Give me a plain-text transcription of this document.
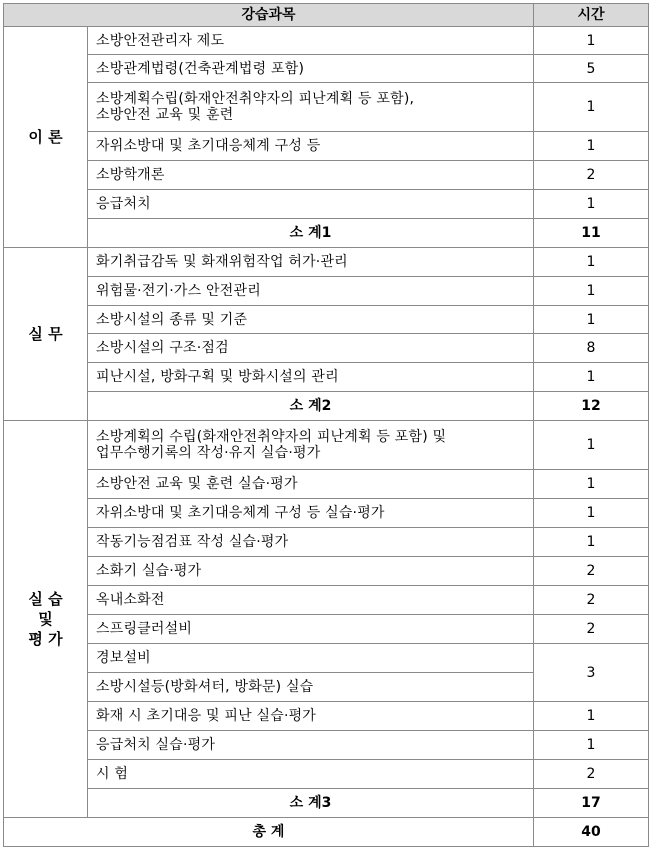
강습과목		시간
이 론	소방안전관리자 제도	1
	소방관계법령(건축관계법령 포함)	5
	소방계획수립(화재안전취약자의 피난계획 등 포함),
소방안전 교육 및 훈련	1
	자위소방대 및 초기대응체계 구성 등	1
	소방학개론	2
	응급처치	1
	소 계1	11
실 무	화기취급감독 및 화재위험작업 허가·관리	1
	위험물·전기·가스 안전관리	1
	소방시설의 종류 및 기준	1
	소방시설의 구조·점검	8
	피난시설, 방화구획 및 방화시설의 관리	1
	소 계2	12
실 습
및
평 가	소방계획의 수립(화재안전취약자의 피난계획 등 포함) 및
업무수행기록의 작성·유지 실습·평가	1
	소방안전 교육 및 훈련 실습·평가	1
	자위소방대 및 초기대응체계 구성 등 실습·평가	1
	작동기능점검표 작성 실습·평가	1
	소화기 실습·평가	2
	옥내소화전	2
	스프링클러설비	2
	경보설비	3
	소방시설등(방화셔터, 방화문) 실습	
	화재 시 초기대응 및 피난 실습·평가	1
	응급처치 실습·평가	1
	시 험	2
	소 계3	17
총 계		40
